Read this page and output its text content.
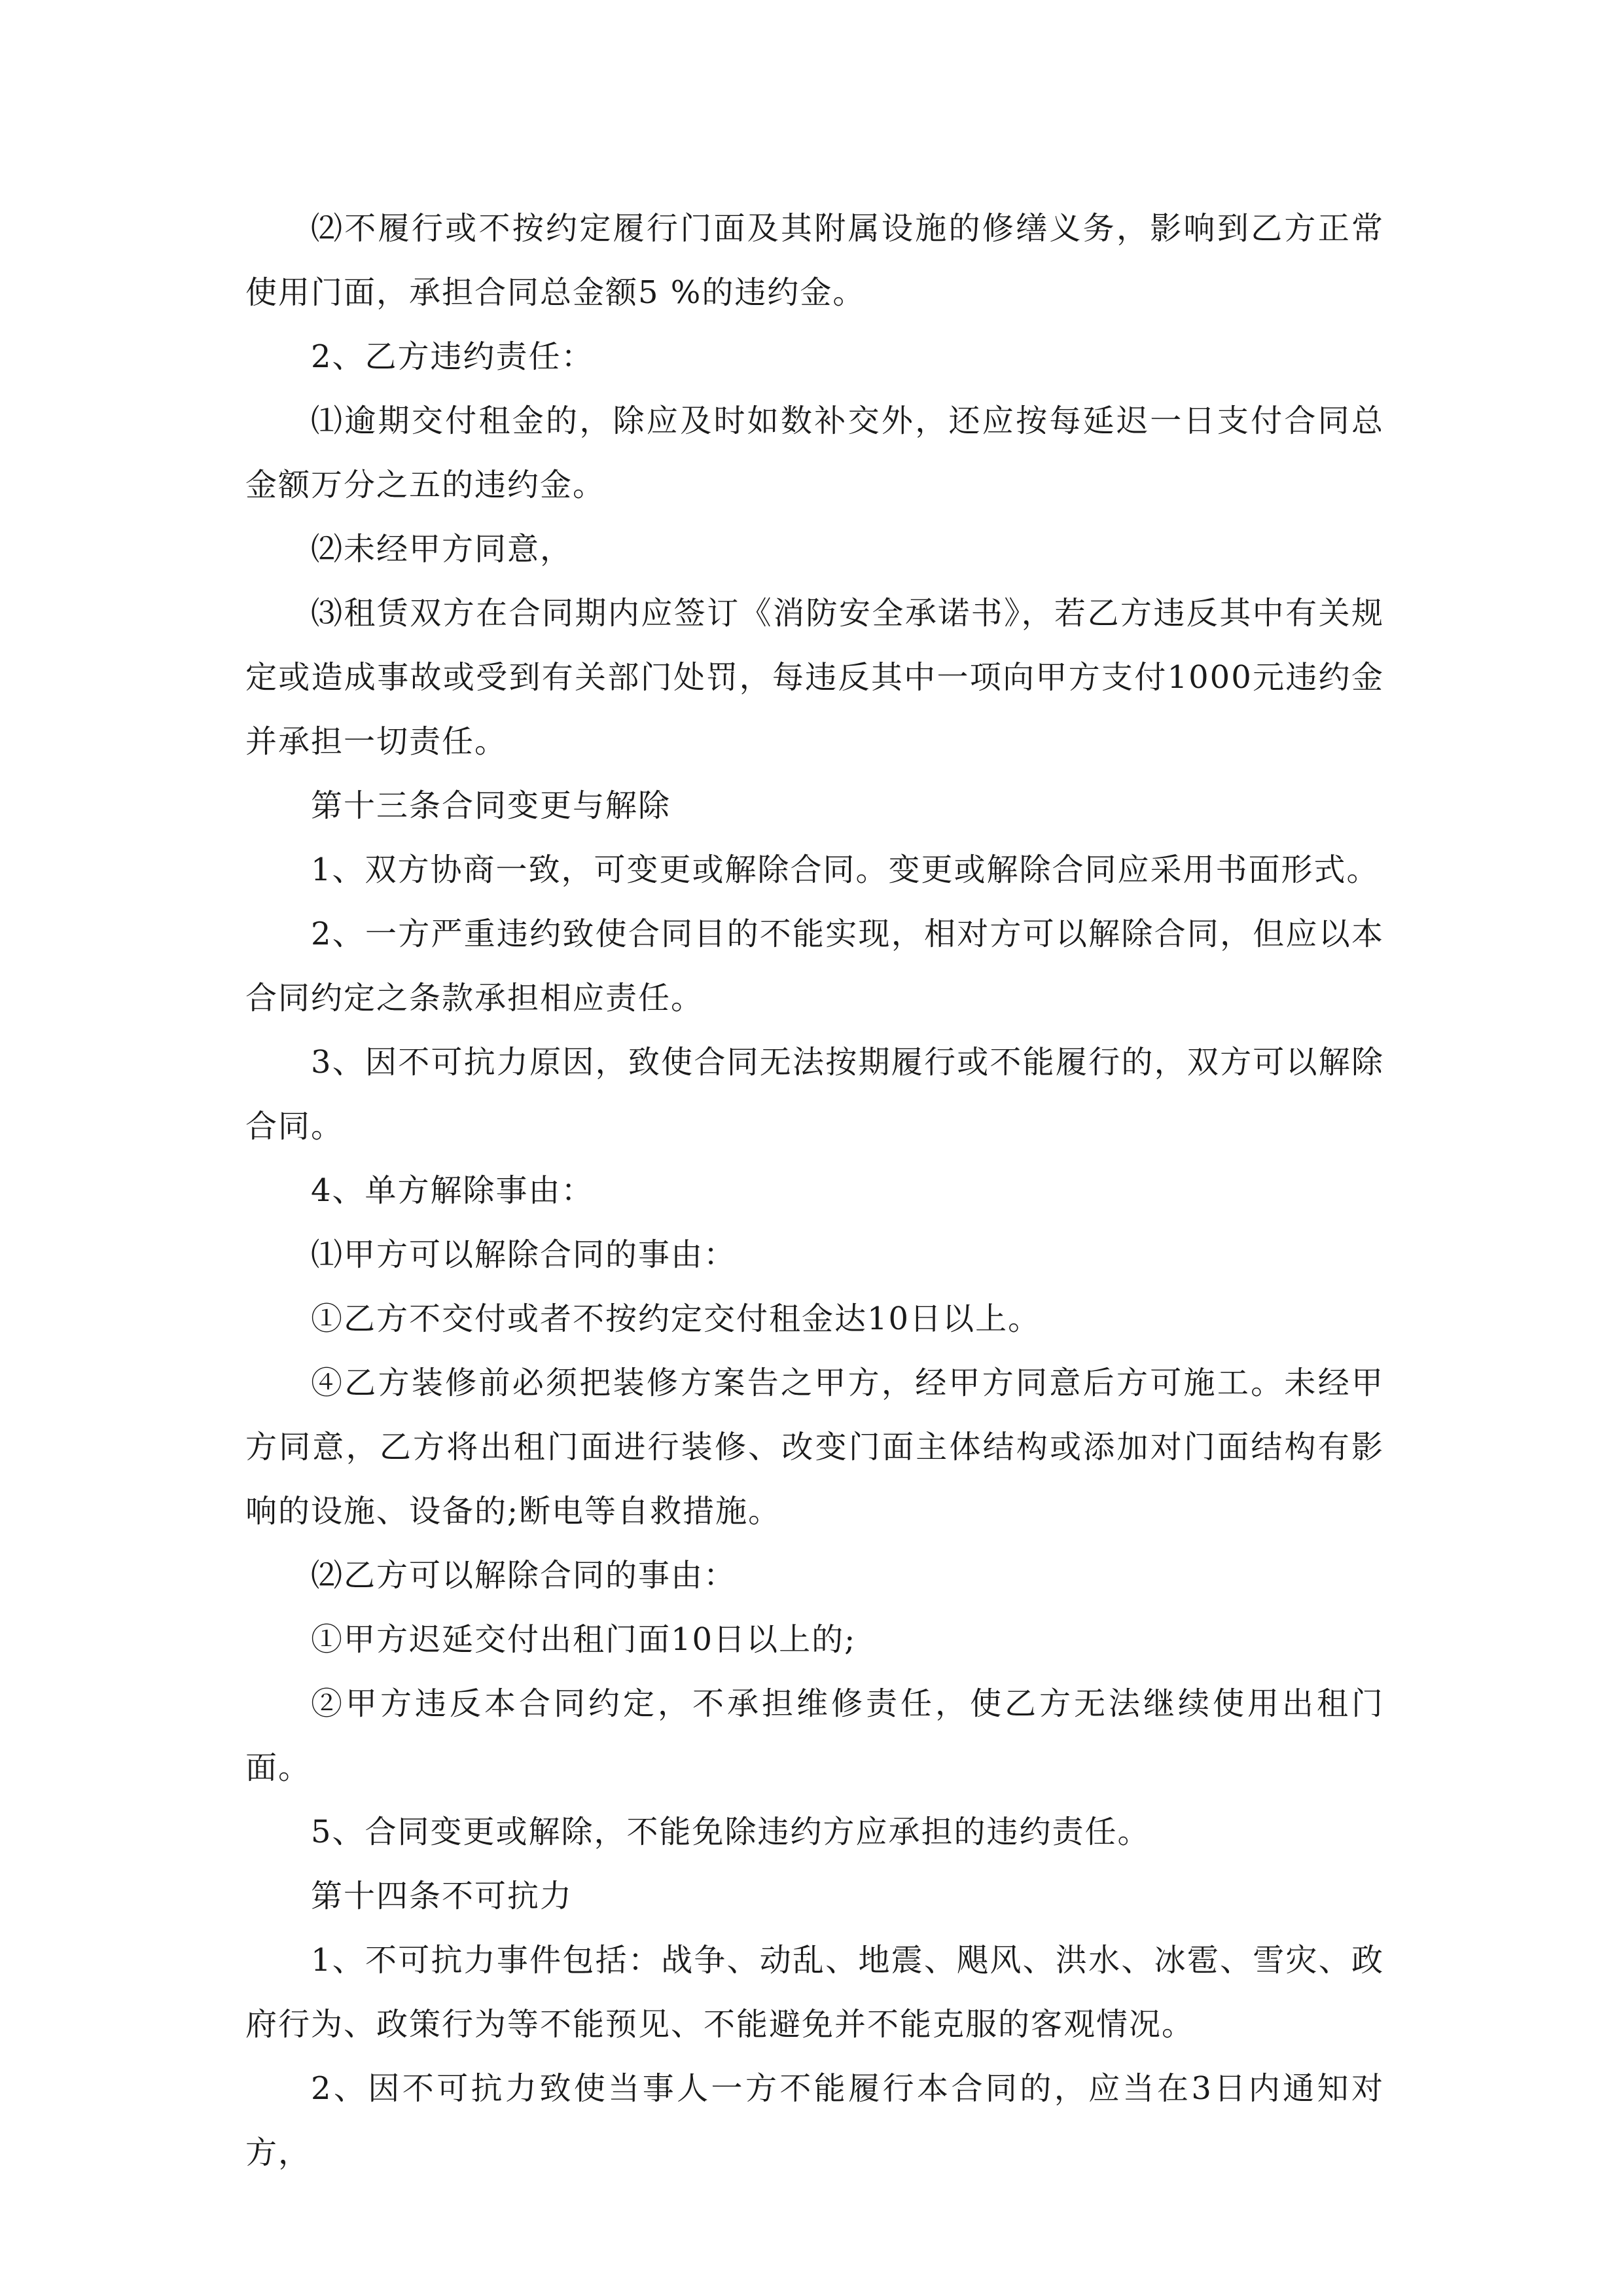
⑵不履行或不按约定履行门面及其附属设施的修缮义务，影响到乙方正常使用门面，承担合同总金额5 %的违约金。

2、乙方违约责任：

⑴逾期交付租金的，除应及时如数补交外，还应按每延迟一日支付合同总金额万分之五的违约金。

⑵未经甲方同意，

⑶租赁双方在合同期内应签订《消防安全承诺书》，若乙方违反其中有关规定或造成事故或受到有关部门处罚，每违反其中一项向甲方支付1000元违约金并承担一切责任。

第十三条合同变更与解除

1、双方协商一致，可变更或解除合同。变更或解除合同应采用书面形式。

2、一方严重违约致使合同目的不能实现，相对方可以解除合同，但应以本合同约定之条款承担相应责任。

3、因不可抗力原因，致使合同无法按期履行或不能履行的，双方可以解除合同。

4、单方解除事由：

⑴甲方可以解除合同的事由：

①乙方不交付或者不按约定交付租金达10日以上。

④乙方装修前必须把装修方案告之甲方，经甲方同意后方可施工。未经甲方同意，乙方将出租门面进行装修、改变门面主体结构或添加对门面结构有影响的设施、设备的;断电等自救措施。

⑵乙方可以解除合同的事由：

①甲方迟延交付出租门面10日以上的;

②甲方违反本合同约定，不承担维修责任，使乙方无法继续使用出租门面。

5、合同变更或解除，不能免除违约方应承担的违约责任。

第十四条不可抗力

1、不可抗力事件包括：战争、动乱、地震、飓风、洪水、冰雹、雪灾、政府行为、政策行为等不能预见、不能避免并不能克服的客观情况。

2、因不可抗力致使当事人一方不能履行本合同的，应当在3日内通知对方，
